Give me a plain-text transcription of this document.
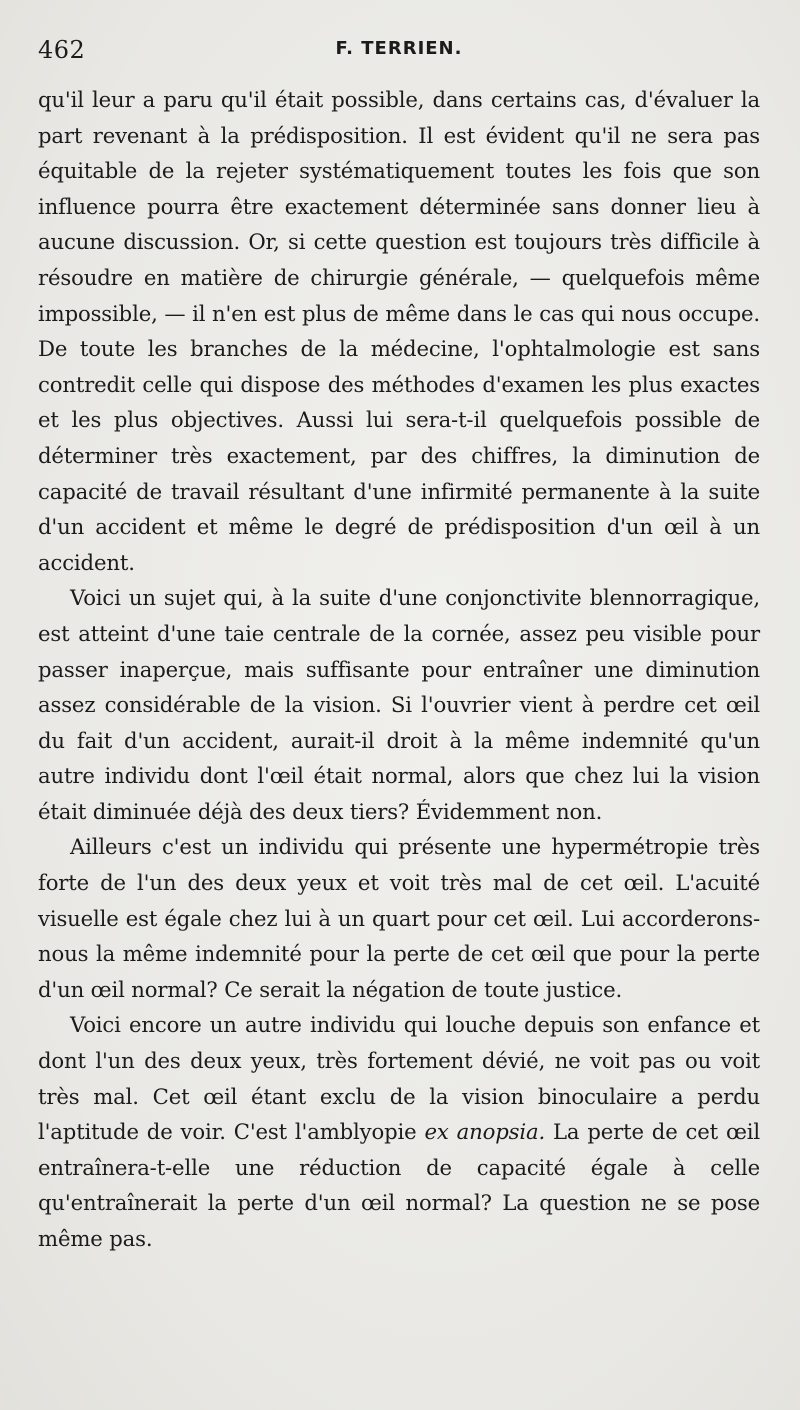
462	F. TERRIEN.

qu'il leur a paru qu'il était possible, dans certains cas, d'évaluer la part revenant à la prédisposition. Il est évident qu'il ne sera pas équitable de la rejeter systématiquement toutes les fois que son influence pourra être exactement déterminée sans donner lieu à aucune discussion. Or, si cette question est toujours très difficile à résoudre en matière de chirurgie générale, — quelquefois même impossible, — il n'en est plus de même dans le cas qui nous occupe. De toute les branches de la médecine, l'ophtalmologie est sans contredit celle qui dispose des méthodes d'examen les plus exactes et les plus objectives. Aussi lui sera-t-il quelquefois possible de déterminer très exactement, par des chiffres, la diminution de capacité de travail résultant d'une infirmité permanente à la suite d'un accident et même le degré de prédisposition d'un œil à un accident.

Voici un sujet qui, à la suite d'une conjonctivite blennorragique, est atteint d'une taie centrale de la cornée, assez peu visible pour passer inaperçue, mais suffisante pour entraîner une diminution assez considérable de la vision. Si l'ouvrier vient à perdre cet œil du fait d'un accident, aurait-il droit à la même indemnité qu'un autre individu dont l'œil était normal, alors que chez lui la vision était diminuée déjà des deux tiers? Évidemment non.

Ailleurs c'est un individu qui présente une hypermétropie très forte de l'un des deux yeux et voit très mal de cet œil. L'acuité visuelle est égale chez lui à un quart pour cet œil. Lui accorderons-nous la même indemnité pour la perte de cet œil que pour la perte d'un œil normal? Ce serait la négation de toute justice.

Voici encore un autre individu qui louche depuis son enfance et dont l'un des deux yeux, très fortement dévié, ne voit pas ou voit très mal. Cet œil étant exclu de la vision binoculaire a perdu l'aptitude de voir. C'est l'amblyopie ex anopsia. La perte de cet œil entraînera-t-elle une réduction de capacité égale à celle qu'entraînerait la perte d'un œil normal? La question ne se pose même pas.
